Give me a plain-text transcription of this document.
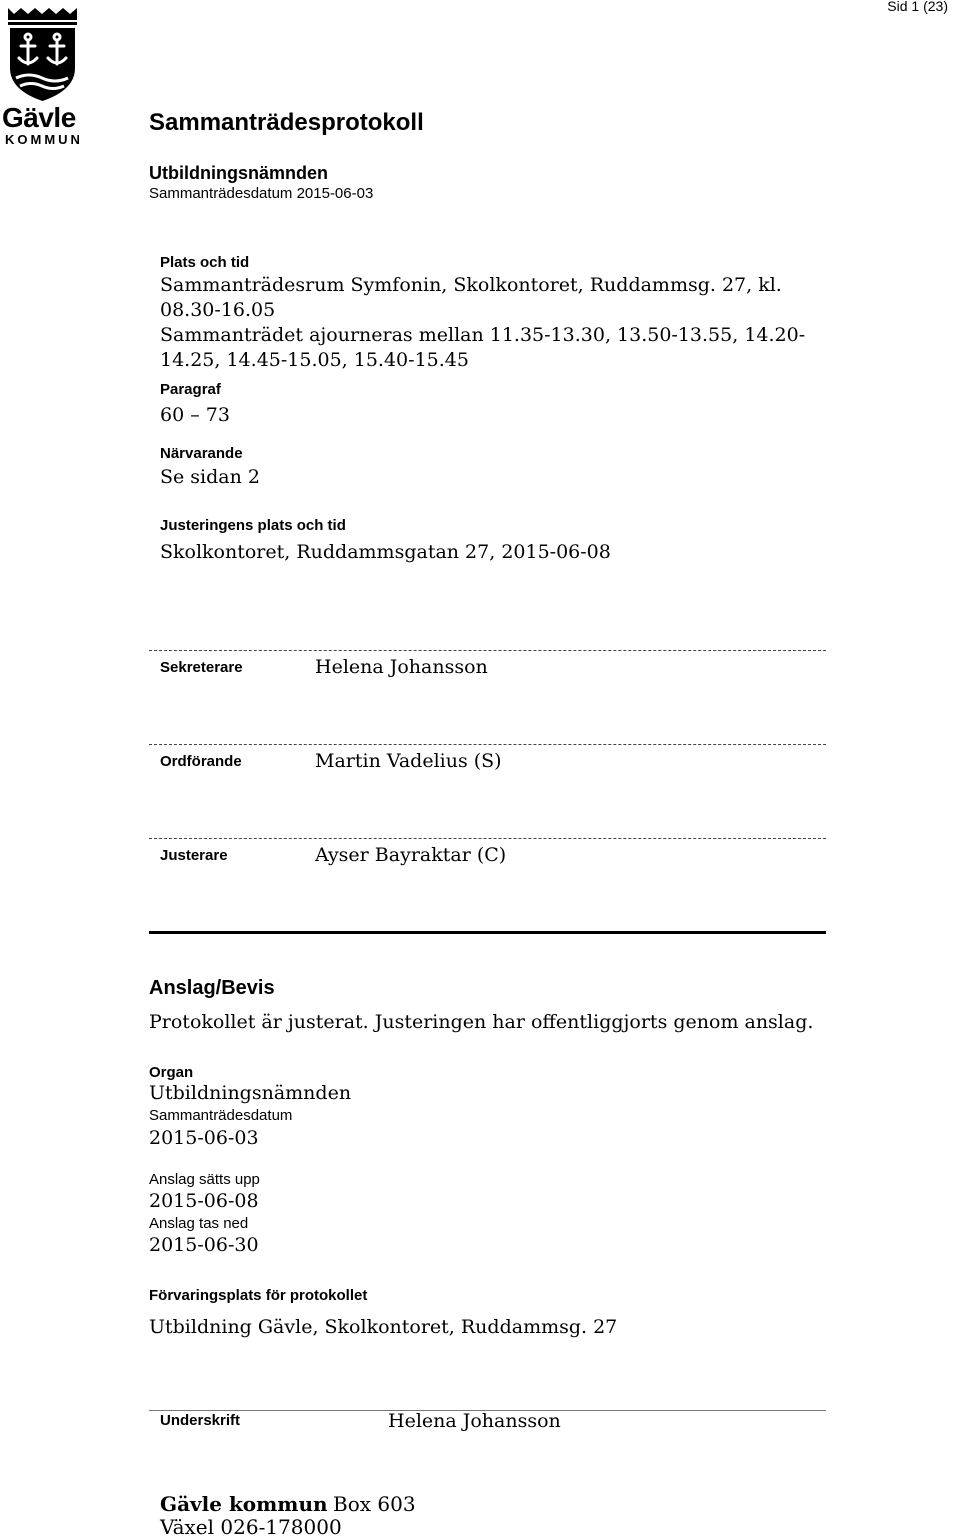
Gävle
KOMMUN
Sid 1 (23)
Sammanträdesprotokoll
Utbildningsnämnden
Sammanträdesdatum 2015-06-03
Plats och tid
Sammanträdesrum Symfonin, Skolkontoret, Ruddammsg. 27, kl. 08.30-16.05
Sammanträdet ajourneras mellan 11.35-13.30, 13.50-13.55, 14.20-14.25, 14.45-15.05, 15.40-15.45
Paragraf
60 – 73
Närvarande
Se sidan 2
Justeringens plats och tid
Skolkontoret, Ruddammsgatan 27, 2015-06-08
Sekreterare	Helena Johansson
Ordförande	Martin Vadelius (S)
Justerare	Ayser Bayraktar (C)
Anslag/Bevis
Protokollet är justerat. Justeringen har offentliggjorts genom anslag.
Organ
Utbildningsnämnden
Sammanträdesdatum
2015-06-03
Anslag sätts upp
2015-06-08
Anslag tas ned
2015-06-30
Förvaringsplats för protokollet
Utbildning Gävle, Skolkontoret, Ruddammsg. 27
Underskrift	Helena Johansson
Gävle kommun Box 603
Växel 026-178000
